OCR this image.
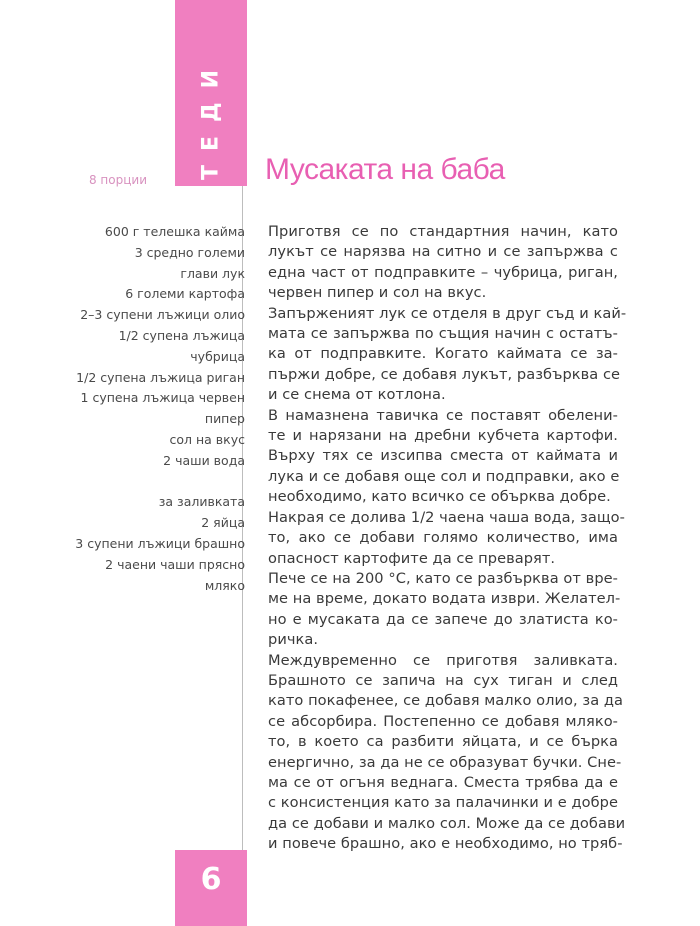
ТЕДИ
8 порции	Мусаката на баба
600 г телешка кайма
3 средно големи
глави лук
6 големи картофа
2–3 супени лъжици олио
1/2 супена лъжица
чубрица
1/2 супена лъжица риган
1 супена лъжица червен
пипер
сол на вкус
2 чаши вода
за заливката
2 яйца
3 супени лъжици брашно
2 чаени чаши прясно
мляко
Приготвя се по стандартния начин, като
лукът се нарязва на ситно и се запържва с
една част от подправките – чубрица, риган,
червен пипер и сол на вкус.
Запърженият лук се отделя в друг съд и кай-
мата се запържва по същия начин с остатъ-
ка от подправките. Когато каймата се за-
пържи добре, се добавя лукът, разбърква се
и се снема от котлона.
В намазнена тавичка се поставят обелени-
те и нарязани на дребни кубчета картофи.
Върху тях се изсипва сместа от каймата и
лука и се добавя още сол и подправки, ако е
необходимо, като всичко се обърква добре.
Накрая се долива 1/2 чаена чаша вода, защо-
то, ако се добави голямо количество, има
опасност картофите да се преварят.
Пече се на 200 °С, като се разбърква от вре-
ме на време, докато водата изври. Желател-
но е мусаката да се запече до златиста ко-
ричка.
Междувременно се приготвя заливката.
Брашното се запича на сух тиган и след
като покафенее, се добавя малко олио, за да
се абсорбира. Постепенно се добавя мляко-
то, в което са разбити яйцата, и се бърка
енергично, за да не се образуват бучки. Сне-
ма се от огъня веднага. Сместа трябва да е
с консистенция като за палачинки и е добре
да се добави и малко сол. Може да се добави
и повече брашно, ако е необходимо, но тряб-
6
